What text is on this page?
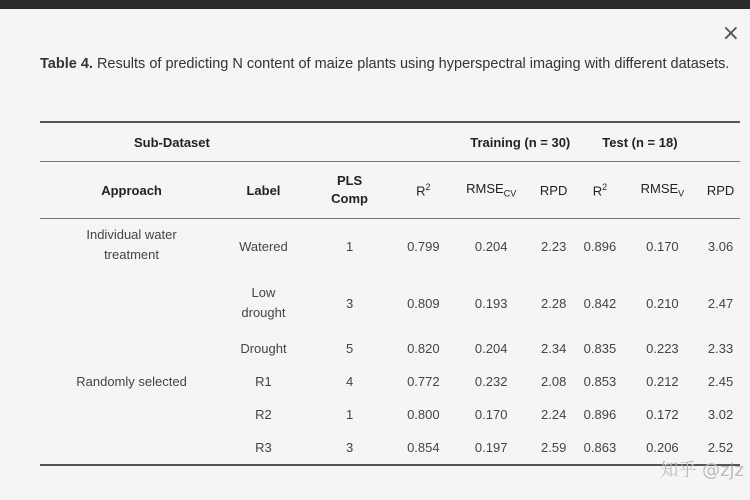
×
Table 4. Results of predicting N content of maize plants using hyperspectral imaging with different datasets.
Sub-Dataset		Training (n = 30)				Test (n = 18)		
Approach	Label	PLS Comp	$R^2$	$RMSE_{CV}$	RPD	$R^2$	$RMSE_V$	RPD
Individual water treatment	Watered	1	0.799	0.204	2.23	0.896	0.170	3.06
	Low drought	3	0.809	0.193	2.28	0.842	0.210	2.47
	Drought	5	0.820	0.204	2.34	0.835	0.223	2.33
Randomly selected	R1	4	0.772	0.232	2.08	0.853	0.212	2.45
	R2	1	0.800	0.170	2.24	0.896	0.172	3.02
	R3	3	0.854	0.197	2.59	0.863	0.206	2.52
知乎 @zjz
